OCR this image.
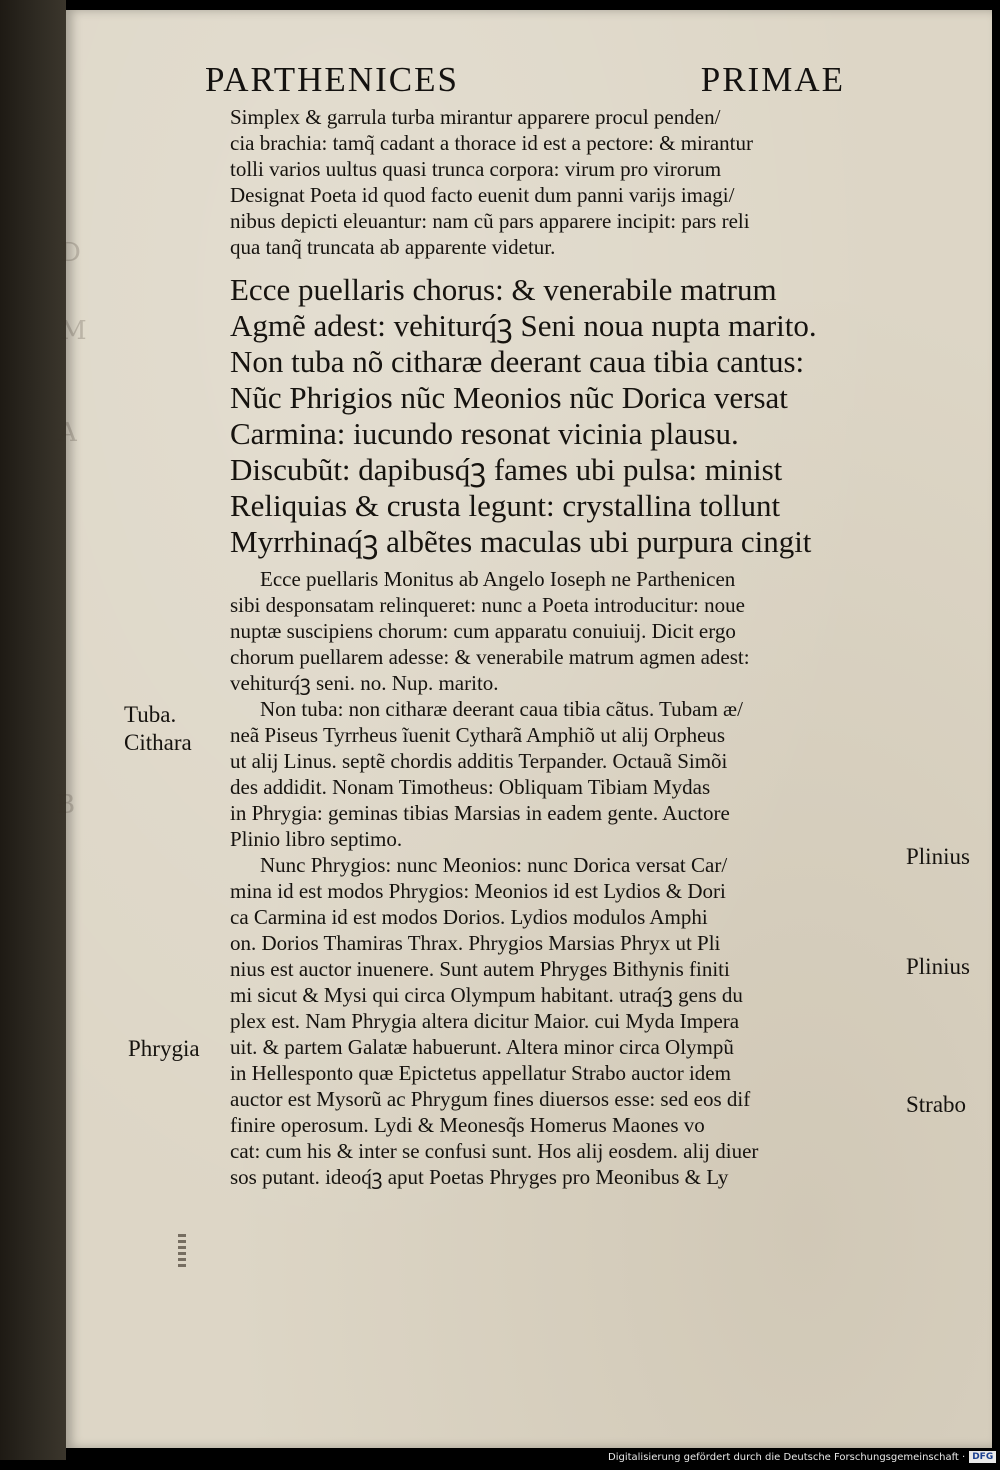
D
M
A
B
PARTHENICES	PRIMAE
Simplex & garrula turba mirantur apparere procul penden/
cia brachia: tamq̃ cadant a thorace id est a pectore: & mirantur
tolli varios uultus quasi trunca corpora: virum pro virorum
Designat Poeta id quod facto euenit dum panni varijs imagi/
nibus depicti eleuantur: nam cũ pars apparere incipit: pars reli
qua tanq̃ truncata ab apparente videtur.
Ecce puellaris chorus: & venerabile matrum
Agmẽ adest: vehiturq́ꝫ Seni noua nupta marito.
Non tuba nõ citharæ deerant caua tibia cantus:
Nũc Phrigios nũc Meonios nũc Dorica versat
Carmina: iucundo resonat vicinia plausu.
Discubũt: dapibusq́ꝫ fames ubi pulsa: minist
Reliquias & crusta legunt: crystallina tollunt
Myrrhinaq́ꝫ albẽtes maculas ubi purpura cingit
Ecce puellaris Monitus ab Angelo Ioseph ne Parthenicen
sibi desponsatam relinqueret: nunc a Poeta introducitur: noue
nuptæ suscipiens chorum: cum apparatu conuiuij. Dicit ergo
chorum puellarem adesse: & venerabile matrum agmen adest:
vehiturq́ꝫ seni. no. Nup. marito.
Non tuba: non citharæ deerant caua tibia cãtus. Tubam æ/
neã Piseus Tyrrheus ĩuenit Cytharã Amphiõ ut alij Orpheus
ut alij Linus. septẽ chordis additis Terpander. Octauã Simõi
des addidit. Nonam Timotheus: Obliquam Tibiam Mydas
in Phrygia: geminas tibias Marsias in eadem gente. Auctore
Plinio libro septimo.
Nunc Phrygios: nunc Meonios: nunc Dorica versat Car/
mina id est modos Phrygios: Meonios id est Lydios & Dori
ca Carmina id est modos Dorios. Lydios modulos Amphi
on. Dorios Thamiras Thrax. Phrygios Marsias Phryx ut Pli
nius est auctor inuenere. Sunt autem Phryges Bithynis finiti
mi sicut & Mysi qui circa Olympum habitant. utraq́ꝫ gens du
plex est. Nam Phrygia altera dicitur Maior. cui Myda Impera
uit. & partem Galatæ habuerunt. Altera minor circa Olympũ
in Hellesponto quæ Epictetus appellatur Strabo auctor idem
auctor est Mysorũ ac Phrygum fines diuersos esse: sed eos dif
finire operosum. Lydi & Meonesq̃s Homerus Maones vo
cat: cum his & inter se confusi sunt. Hos alij eosdem. alij diuer
sos putant. ideoq́ꝫ aput Poetas Phryges pro Meonibus & Ly
Tuba.
Cithara
Phrygia
Plinius
Plinius
Strabo
Digitalisierung gefördert durch die Deutsche Forschungsgemeinschaft · DFG
